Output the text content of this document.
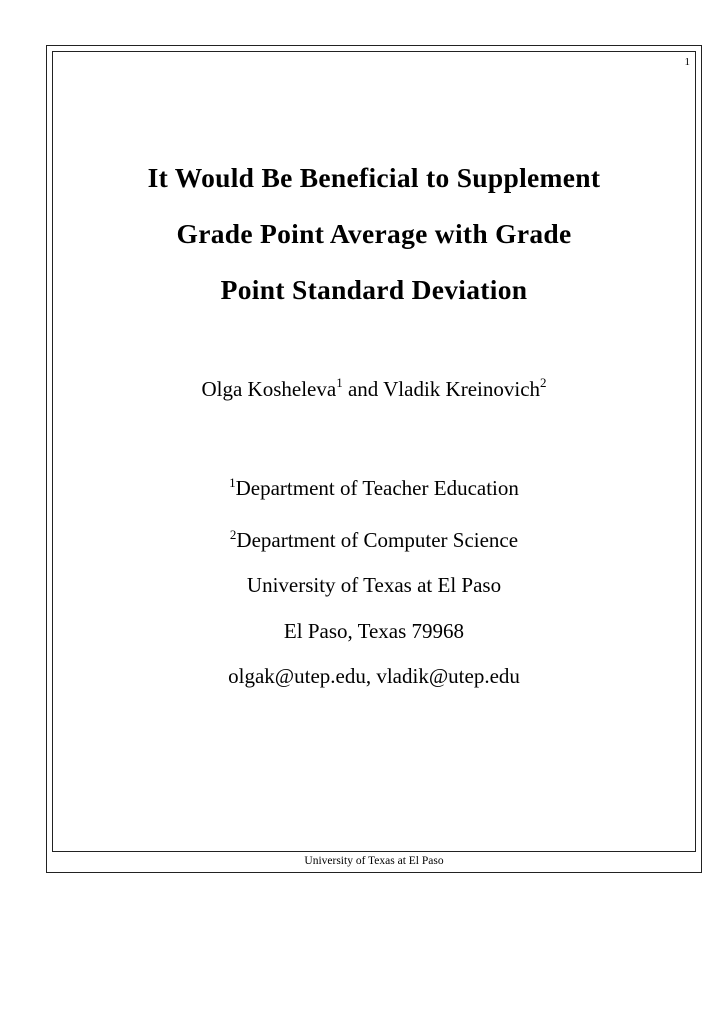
1
It Would Be Beneficial to Supplement
Grade Point Average with Grade
Point Standard Deviation
Olga Kosheleva$^1$ and Vladik Kreinovich$^2$
$^1$Department of Teacher Education
$^2$Department of Computer Science
University of Texas at El Paso
El Paso, Texas 79968
olgak@utep.edu, vladik@utep.edu
University of Texas at El Paso
